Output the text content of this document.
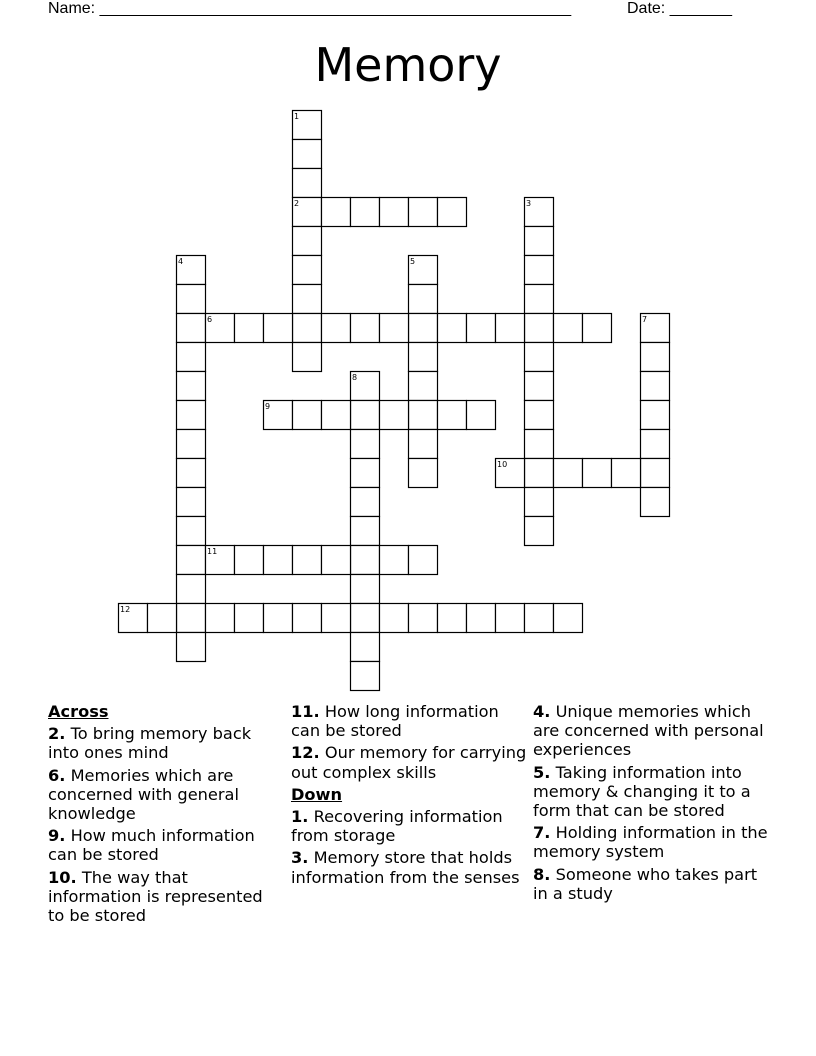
Name: _____________________________________________________	Date: _______
Memory
1
2	3
4	5
6	7
8
9
10
11
12
Across
2. To bring memory back into ones mind
6. Memories which are concerned with general knowledge
9. How much information can be stored
10. The way that information is represented to be stored
11. How long information can be stored
12. Our memory for carrying out complex skills
Down
1. Recovering information from storage
3. Memory store that holds information from the senses
4. Unique memories which are concerned with personal experiences
5. Taking information into memory & changing it to a form that can be stored
7. Holding information in the memory system
8. Someone who takes part in a study
